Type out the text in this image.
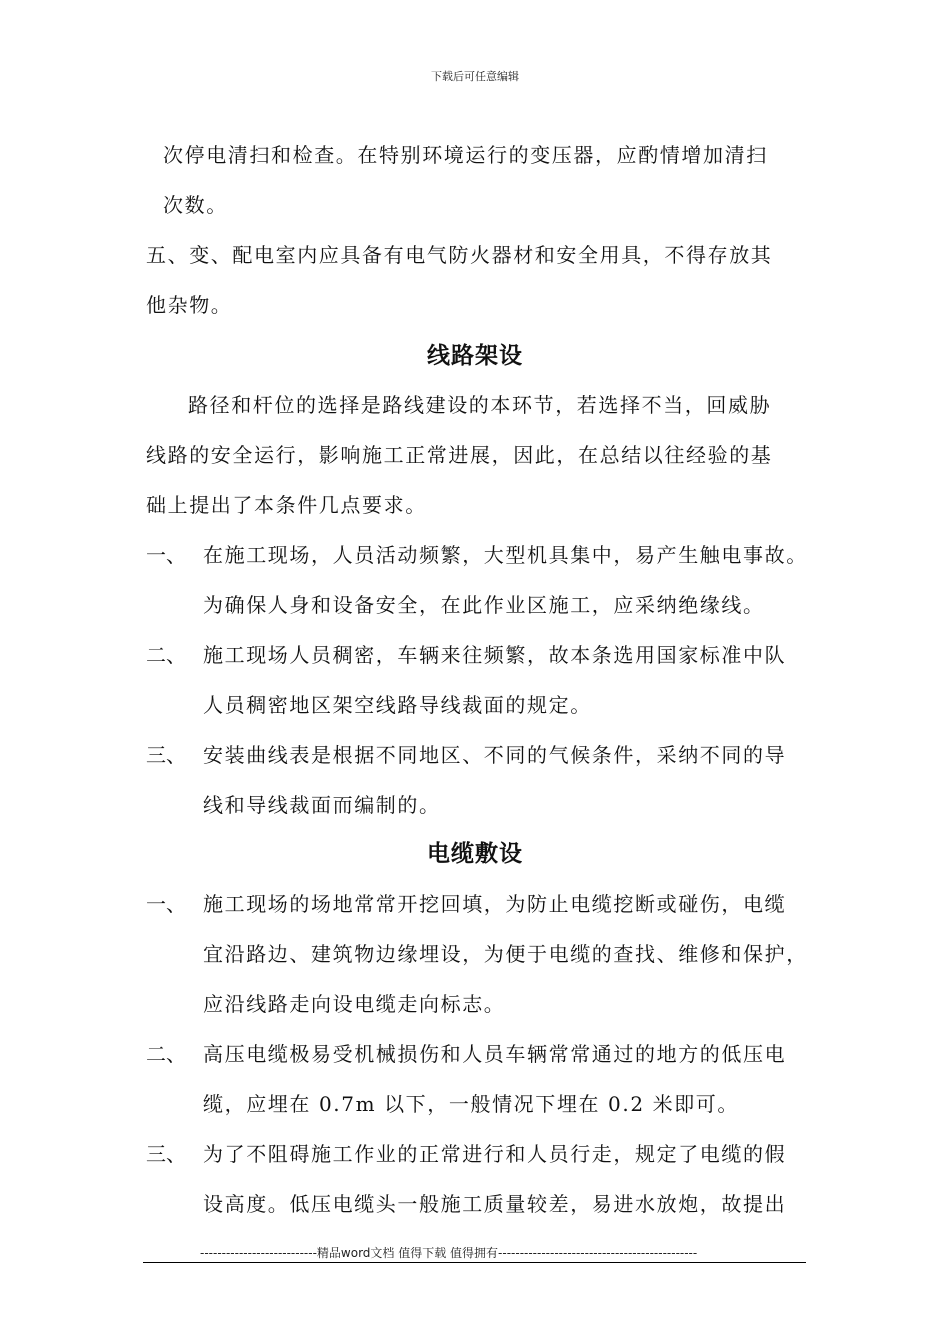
下载后可任意编辑
次停电清扫和检查。在特别环境运行的变压器，应酌情增加清扫
次数。
五、变、配电室内应具备有电气防火器材和安全用具，不得存放其
他杂物。
线路架设
路径和杆位的选择是路线建设的本环节，若选择不当，回威胁
线路的安全运行，影响施工正常进展，因此，在总结以往经验的基
础上提出了本条件几点要求。
一、 在施工现场，人员活动频繁，大型机具集中，易产生触电事故。
为确保人身和设备安全，在此作业区施工，应采纳绝缘线。
二、 施工现场人员稠密，车辆来往频繁，故本条选用国家标准中队
人员稠密地区架空线路导线裁面的规定。
三、 安装曲线表是根据不同地区、不同的气候条件，采纳不同的导
线和导线裁面而编制的。
电缆敷设
一、 施工现场的场地常常开挖回填，为防止电缆挖断或碰伤，电缆
宜沿路边、建筑物边缘埋设，为便于电缆的查找、维修和保护，
应沿线路走向设电缆走向标志。
二、 高压电缆极易受机械损伤和人员车辆常常通过的地方的低压电
缆，应埋在 0.7m 以下，一般情况下埋在 0.2 米即可。
三、 为了不阻碍施工作业的正常进行和人员行走，规定了电缆的假
设高度。低压电缆头一般施工质量较差，易进水放炮，故提出
---------------------------精品word文档 值得下载 值得拥有----------------------------------------------
